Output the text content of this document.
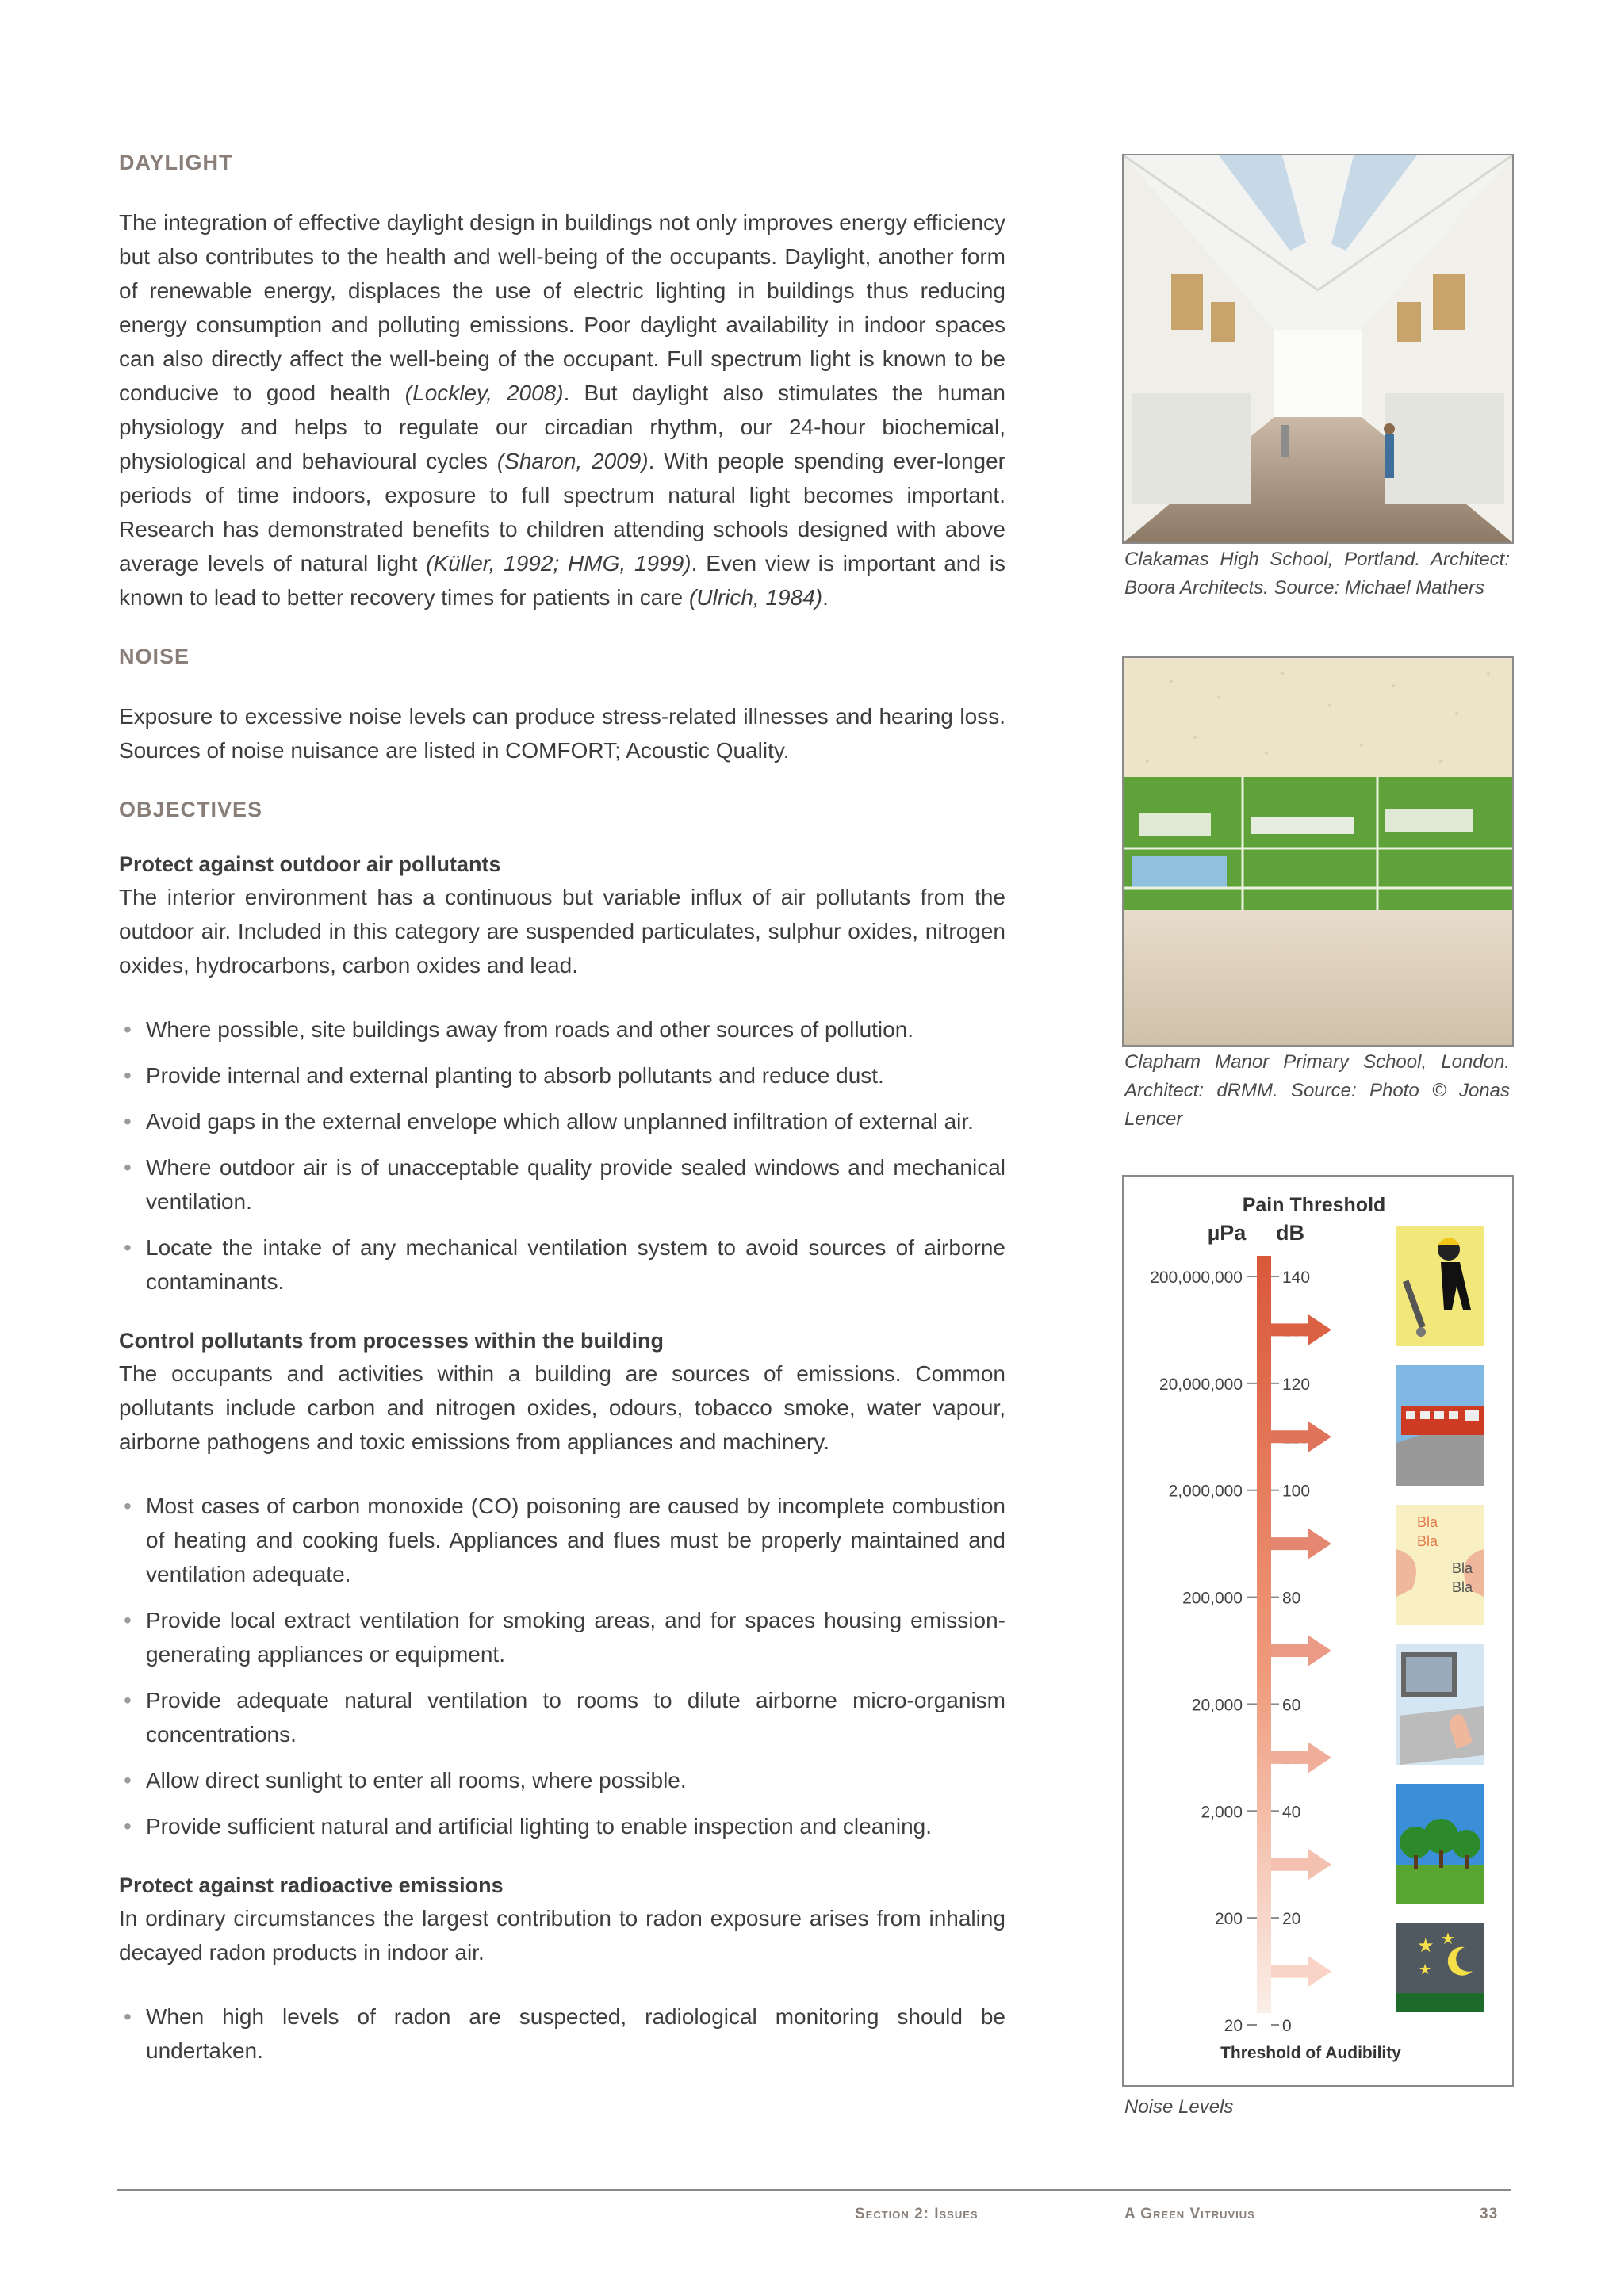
DAYLIGHT

The integration of effective daylight design in buildings not only improves energy efficiency but also contributes to the health and well-being of the occupants. Daylight, another form of renewable energy, displaces the use of electric lighting in buildings thus reducing energy consumption and polluting emissions. Poor daylight availability in indoor spaces can also directly affect the well-being of the occupant. Full spectrum light is known to be conducive to good health (Lockley, 2008). But daylight also stimulates the human physiology and helps to regulate our circadian rhythm, our 24-hour biochemical, physiological and behavioural cycles (Sharon, 2009). With people spending ever-longer periods of time indoors, exposure to full spectrum natural light becomes important. Research has demonstrated benefits to children attending schools designed with above average levels of natural light (Küller, 1992; HMG, 1999). Even view is important and is known to lead to better recovery times for patients in care (Ulrich, 1984).

NOISE

Exposure to excessive noise levels can produce stress-related illnesses and hearing loss. Sources of noise nuisance are listed in COMFORT; Acoustic Quality.

OBJECTIVES
Protect against outdoor air pollutants

The interior environment has a continuous but variable influx of air pollutants from the outdoor air. Included in this category are suspended particulates, sulphur oxides, nitrogen oxides, hydrocarbons, carbon oxides and lead.

• Where possible, site buildings away from roads and other sources of pollution.
• Provide internal and external planting to absorb pollutants and reduce dust.
• Avoid gaps in the external envelope which allow unplanned infiltration of external air.
• Where outdoor air is of unacceptable quality provide sealed windows and mechanical ventilation.
• Locate the intake of any mechanical ventilation system to avoid sources of airborne contaminants.
Control pollutants from processes within the building

The occupants and activities within a building are sources of emissions. Common pollutants include carbon and nitrogen oxides, odours, tobacco smoke, water vapour, airborne pathogens and toxic emissions from appliances and machinery.

• Most cases of carbon monoxide (CO) poisoning are caused by incomplete combustion of heating and cooking fuels. Appliances and flues must be properly maintained and ventilation adequate.
• Provide local extract ventilation for smoking areas, and for spaces housing emission-generating appliances or equipment.
• Provide adequate natural ventilation to rooms to dilute airborne micro-organism concentrations.
• Allow direct sunlight to enter all rooms, where possible.
• Provide sufficient natural and artificial lighting to enable inspection and cleaning.
Protect against radioactive emissions

In ordinary circumstances the largest contribution to radon exposure arises from inhaling decayed radon products in indoor air.

• When high levels of radon are suspected, radiological monitoring should be undertaken.
Clakamas High School, Portland. Architect: Boora Architects. Source: Michael Mathers
Clapham Manor Primary School, London. Architect: dRMM. Source: Photo © Jonas Lencer
Pain Threshold
µPa dB
140
120
100
80
60
40
20
0
200,000,000
20,000,000
2,000,000
200,000
20,000
2,000
200
20
Bla
Bla
Bla
Bla
★ ★
★
Threshold of Audibility
Noise Levels
Section 2: Issues	A Green Vitruvius	33
